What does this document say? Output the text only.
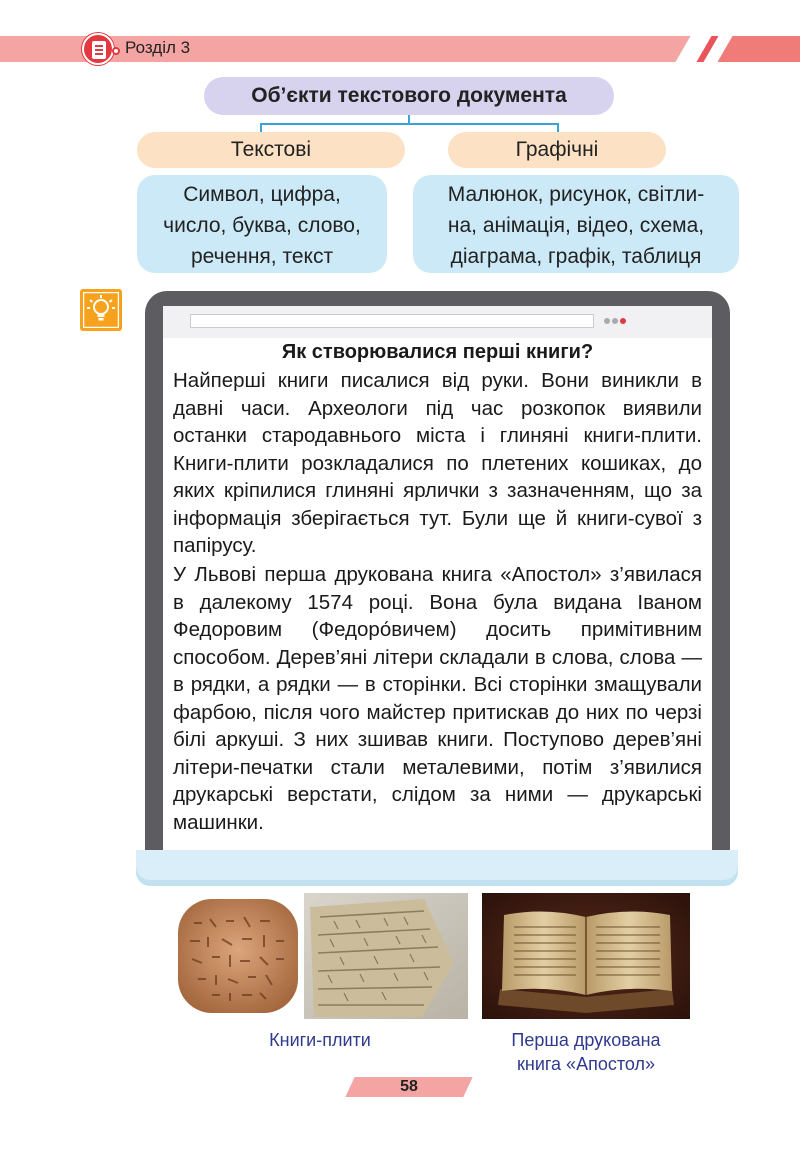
Розділ 3
Об’єкти текстового документа
Текстові	Графічні
Символ, цифра,
число, буква, слово,
речення, текст
Малюнок, рисунок, світли-
на, анімація, відео, схема,
діаграма, графік, таблиця
Як створювалися перші книги?
Найперші книги писалися від руки. Вони виникли в давні часи. Археологи під час розкопок виявили останки стародавнього міста і глиняні книги-плити. Книги-плити розкладалися по плетених кошиках, до яких кріпилися глиняні ярлички з зазначенням, що за інформація зберігається тут. Були ще й книги-сувої з папірусу.
У Львові перша друкована книга «Апостол» з’явилася в далекому 1574 році. Вона була видана Іваном Федоровим (Федоро́вичем) досить примітивним способом. Дерев’яні літери складали в слова, слова — в рядки, а рядки — в сторінки. Всі сторінки змащували фарбою, після чого майстер притискав до них по черзі білі аркуші. З них зшивав книги. Поступово дерев’яні літери-печатки стали металевими, потім з’явилися друкарські верстати, слідом за ними — друкарські машинки.
Книги-плити	Перша друкована
книга «Апостол»
58
